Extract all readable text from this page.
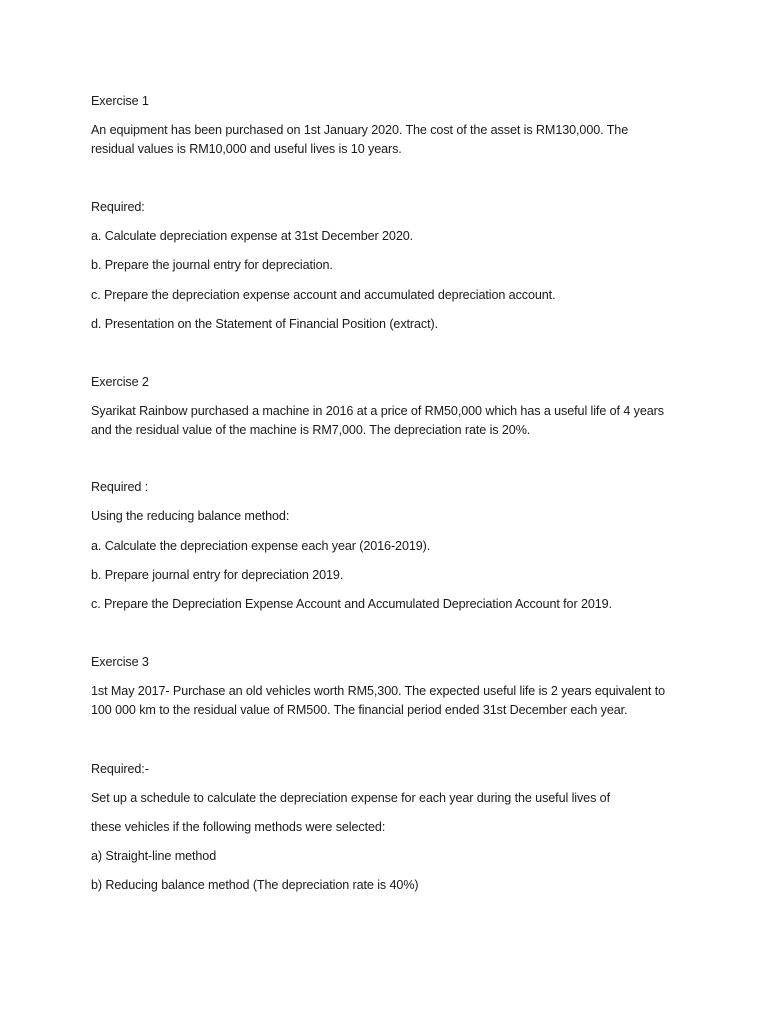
Exercise 1
An equipment has been purchased on 1st January 2020. The cost of the asset is RM130,000. The
residual values is RM10,000 and useful lives is 10 years.
Required:
a. Calculate depreciation expense at 31st December 2020.
b. Prepare the journal entry for depreciation.
c. Prepare the depreciation expense account and accumulated depreciation account.
d. Presentation on the Statement of Financial Position (extract).
Exercise 2
Syarikat Rainbow purchased a machine in 2016 at a price of RM50,000 which has a useful life of 4 years
and the residual value of the machine is RM7,000. The depreciation rate is 20%.
Required :
Using the reducing balance method:
a. Calculate the depreciation expense each year (2016-2019).
b. Prepare journal entry for depreciation 2019.
c. Prepare the Depreciation Expense Account and Accumulated Depreciation Account for 2019.
Exercise 3
1st May 2017- Purchase an old vehicles worth RM5,300. The expected useful life is 2 years equivalent to
100 000 km to the residual value of RM500. The financial period ended 31st December each year.
Required:-
Set up a schedule to calculate the depreciation expense for each year during the useful lives of
these vehicles if the following methods were selected:
a) Straight-line method
b) Reducing balance method (The depreciation rate is 40%)
